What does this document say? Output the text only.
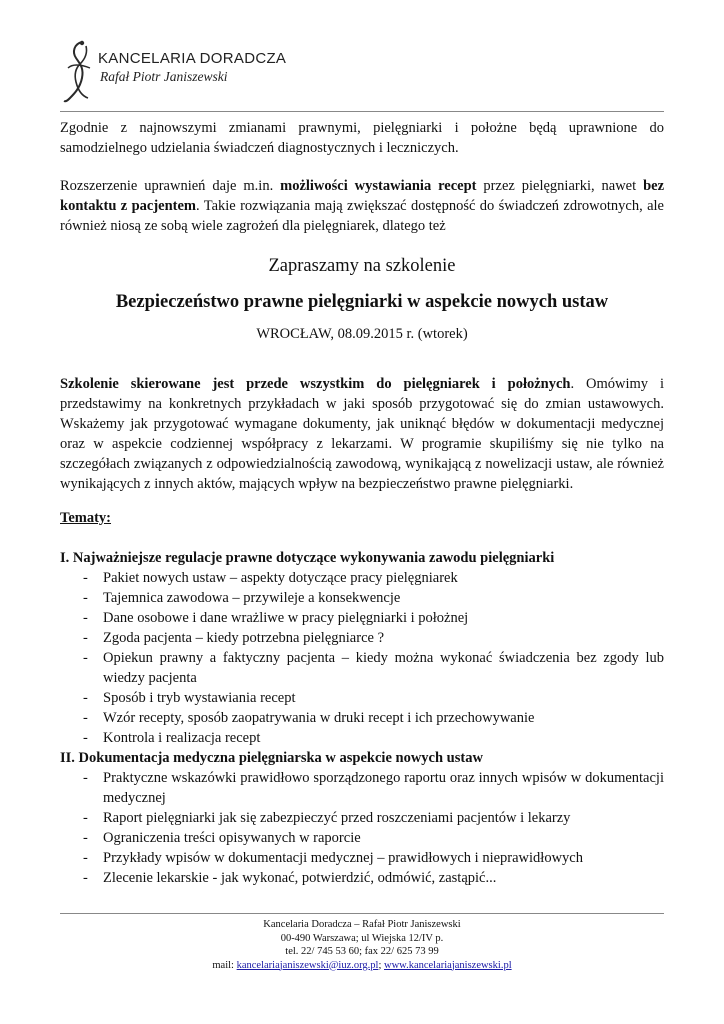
KANCELARIA DORADCZA
Rafał Piotr Janiszewski

Zgodnie z najnowszymi zmianami prawnymi, pielęgniarki i położne będą uprawnione do samodzielnego udzielania świadczeń diagnostycznych i leczniczych.

Rozszerzenie uprawnień daje m.in. możliwości wystawiania recept przez pielęgniarki, nawet bez kontaktu z pacjentem. Takie rozwiązania mają zwiększać dostępność do świadczeń zdrowotnych, ale również niosą ze sobą wiele zagrożeń dla pielęgniarek, dlatego też

Zapraszamy na szkolenie

Bezpieczeństwo prawne pielęgniarki w aspekcie nowych ustaw

WROCŁAW, 08.09.2015 r. (wtorek)

Szkolenie skierowane jest przede wszystkim do pielęgniarek i położnych. Omówimy i przedstawimy na konkretnych przykładach w jaki sposób przygotować się do zmian ustawowych. Wskażemy jak przygotować wymagane dokumenty, jak uniknąć błędów w dokumentacji medycznej oraz w aspekcie codziennej współpracy z lekarzami. W programie skupiliśmy się nie tylko na szczegółach związanych z odpowiedzialnością zawodową, wynikającą z nowelizacji ustaw, ale również wynikających z innych aktów, mających wpływ na bezpieczeństwo prawne pielęgniarki.

Tematy:

I. Najważniejsze regulacje prawne dotyczące wykonywania zawodu pielęgniarki

- Pakiet nowych ustaw – aspekty dotyczące pracy pielęgniarek
- Tajemnica zawodowa – przywileje a konsekwencje
- Dane osobowe i dane wrażliwe w pracy pielęgniarki i położnej
- Zgoda pacjenta – kiedy potrzebna pielęgniarce ?
- Opiekun prawny a faktyczny pacjenta – kiedy można wykonać świadczenia bez zgody lub wiedzy pacjenta
- Sposób i tryb wystawiania recept
- Wzór recepty, sposób zaopatrywania w druki recept i ich przechowywanie
- Kontrola i realizacja recept

II. Dokumentacja medyczna pielęgniarska w aspekcie nowych ustaw

- Praktyczne wskazówki prawidłowo sporządzonego raportu oraz innych wpisów w dokumentacji medycznej
- Raport pielęgniarki jak się zabezpieczyć przed roszczeniami pacjentów i lekarzy
- Ograniczenia treści opisywanych w raporcie
- Przykłady wpisów w dokumentacji medycznej – prawidłowych i nieprawidłowych
- Zlecenie lekarskie - jak wykonać, potwierdzić, odmówić, zastąpić...
Kancelaria Doradcza – Rafał Piotr Janiszewski
00-490 Warszawa; ul Wiejska 12/IV p.
tel. 22/ 745 53 60; fax 22/ 625 73 99
mail: kancelariajaniszewski@iuz.org.pl; www.kancelariajaniszewski.pl
